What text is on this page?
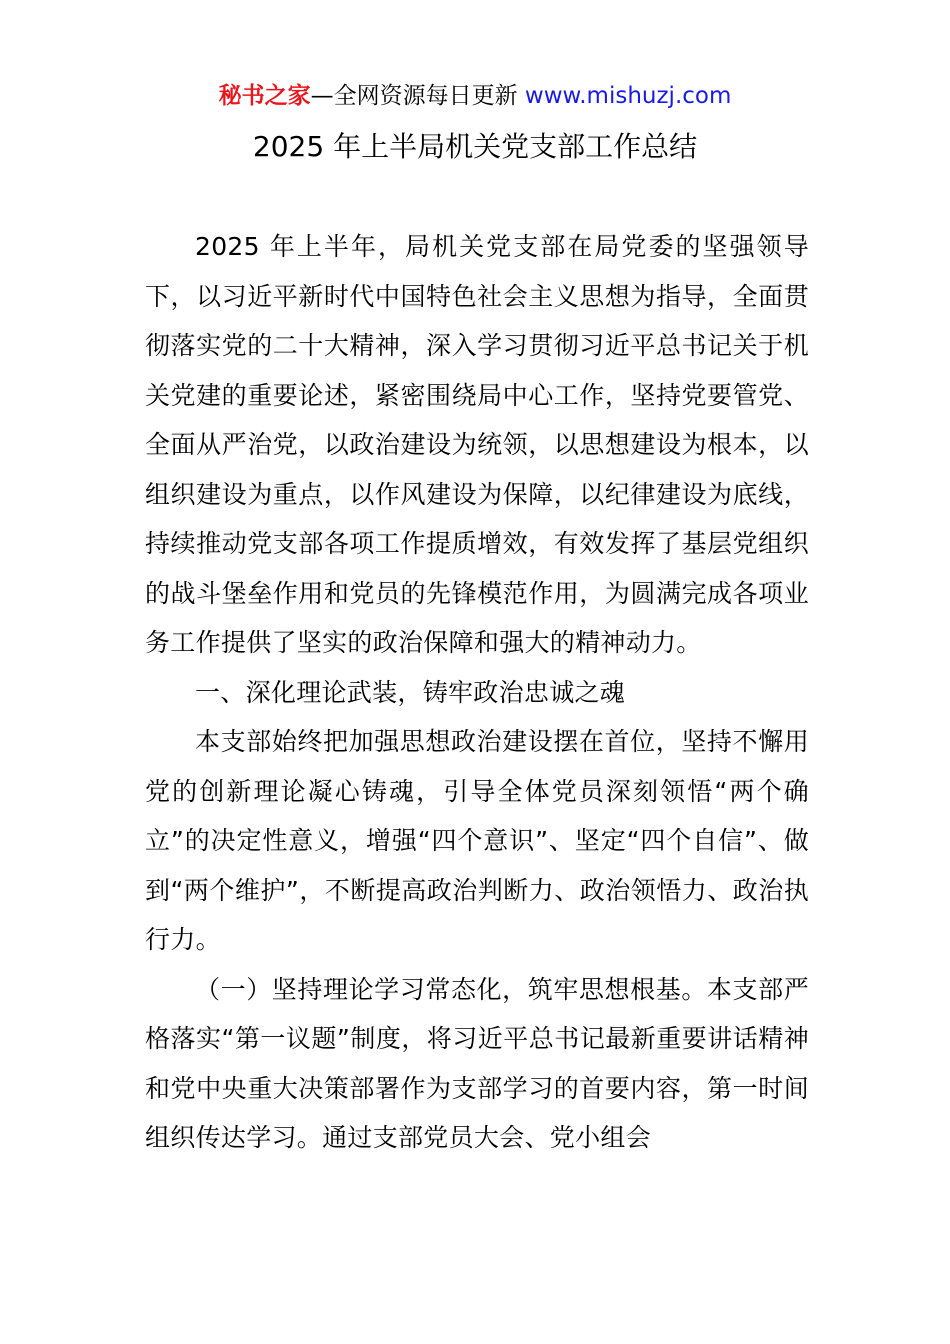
秘书之家—全网资源每日更新 www.mishuzj.com
2025 年上半局机关党支部工作总结

2025 年上半年，局机关党支部在局党委的坚强领导下，以习近平新时代中国特色社会主义思想为指导，全面贯彻落实党的二十大精神，深入学习贯彻习近平总书记关于机关党建的重要论述，紧密围绕局中心工作，坚持党要管党、全面从严治党，以政治建设为统领，以思想建设为根本，以组织建设为重点，以作风建设为保障，以纪律建设为底线，持续推动党支部各项工作提质增效，有效发挥了基层党组织的战斗堡垒作用和党员的先锋模范作用，为圆满完成各项业务工作提供了坚实的政治保障和强大的精神动力。

一、深化理论武装，铸牢政治忠诚之魂

本支部始终把加强思想政治建设摆在首位，坚持不懈用党的创新理论凝心铸魂，引导全体党员深刻领悟“两个确立”的决定性意义，增强“四个意识”、坚定“四个自信”、做到“两个维护”，不断提高政治判断力、政治领悟力、政治执行力。

（一）坚持理论学习常态化，筑牢思想根基。本支部严格落实“第一议题”制度，将习近平总书记最新重要讲话精神和党中央重大决策部署作为支部学习的首要内容，第一时间组织传达学习。通过支部党员大会、党小组会
